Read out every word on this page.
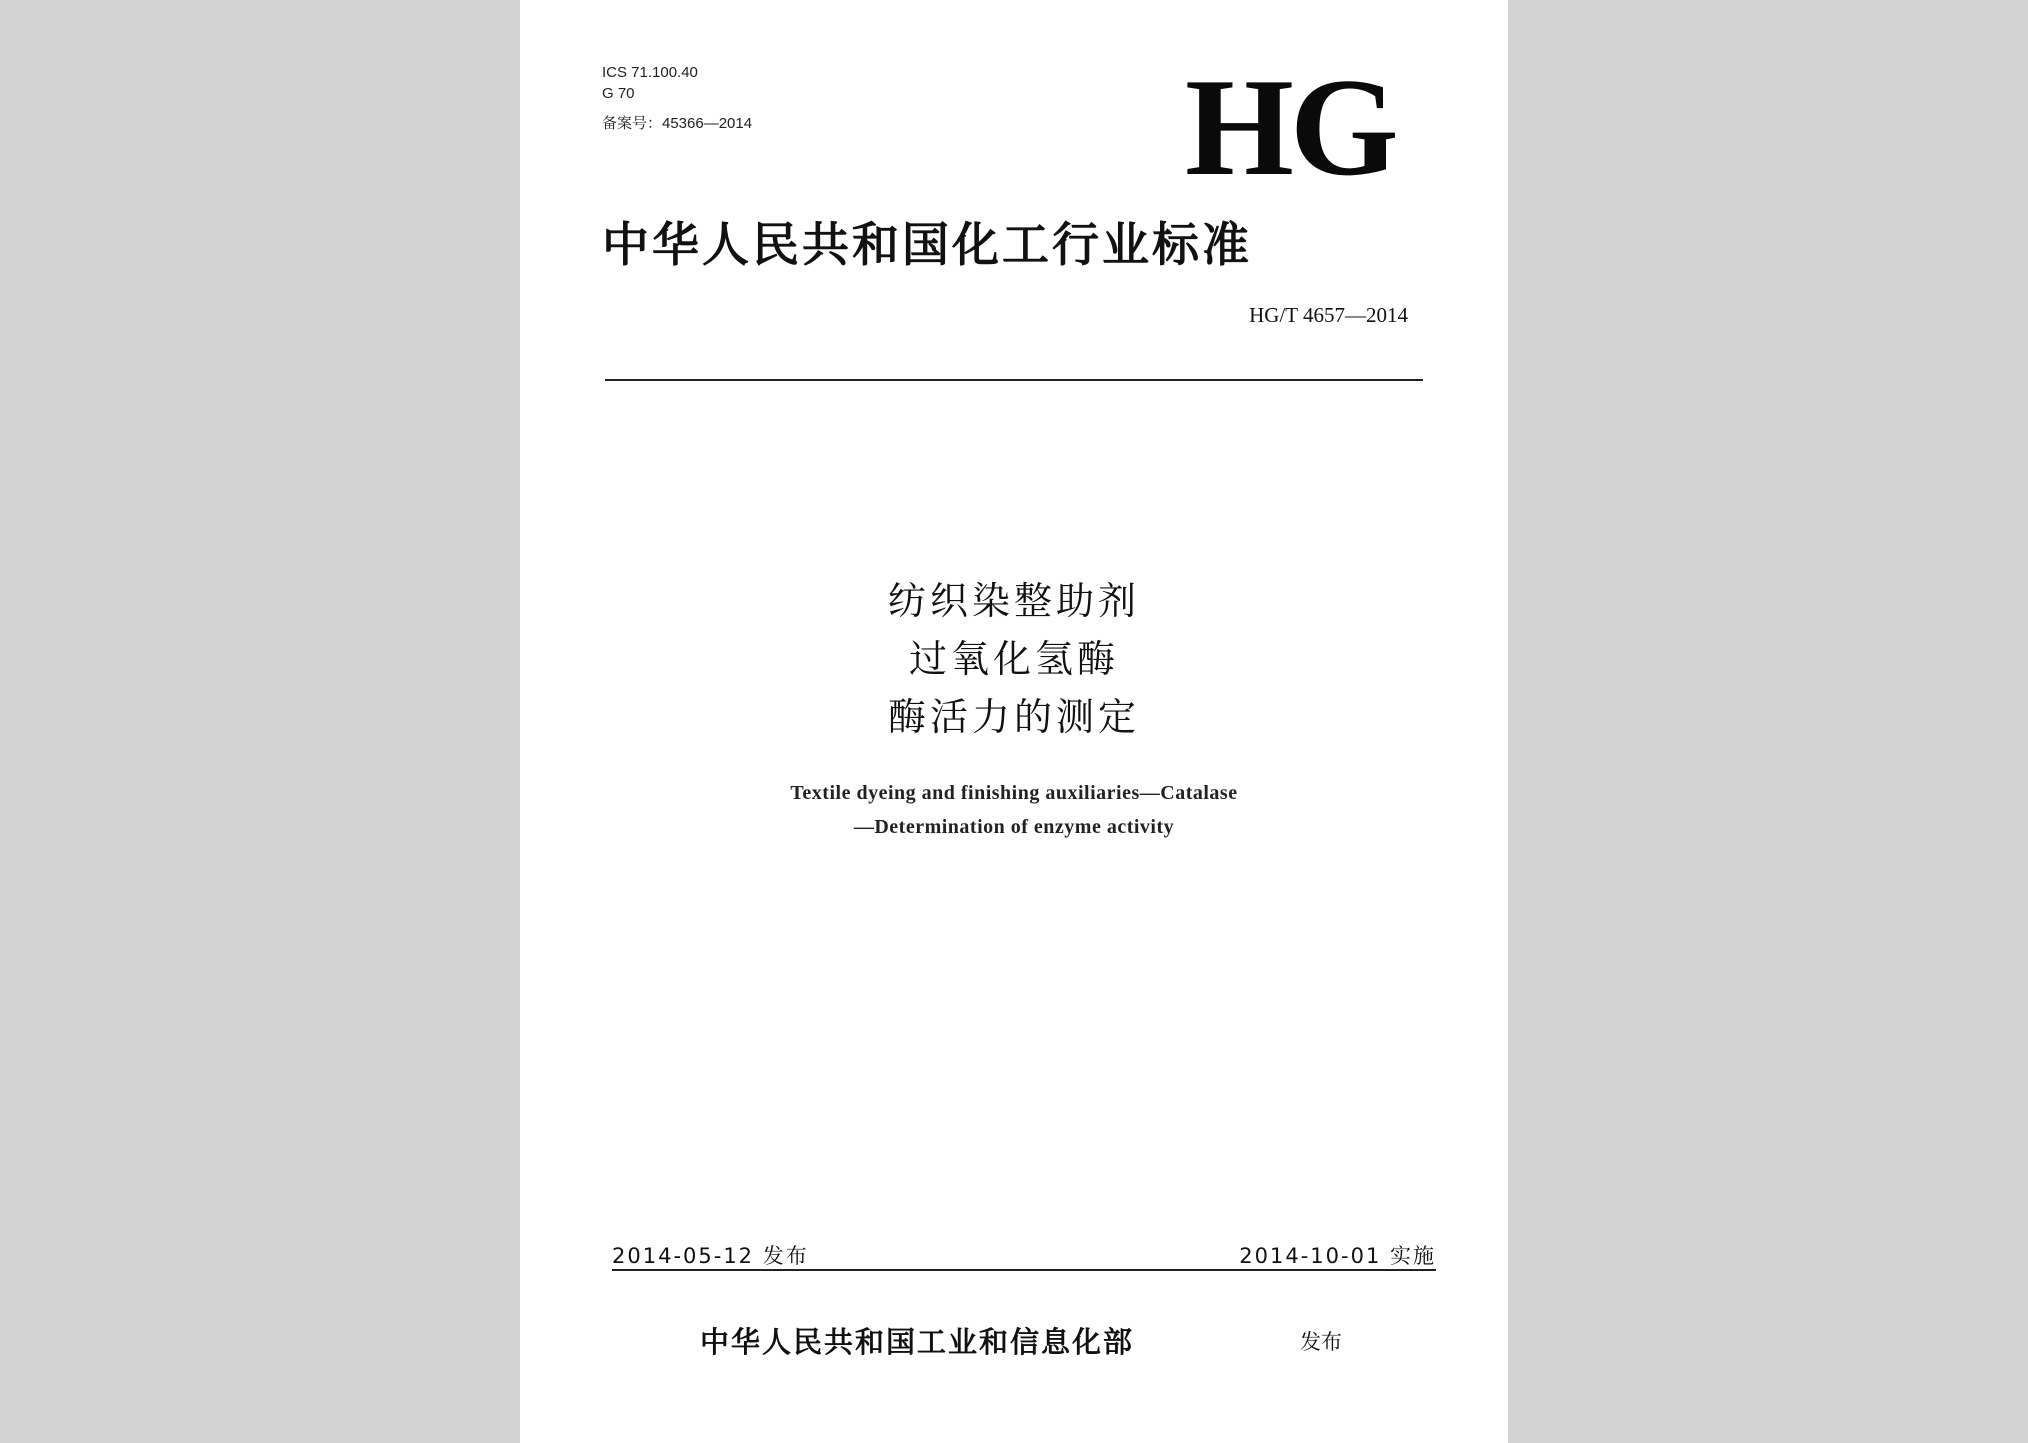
ICS 71.100.40
G 70
备案号：45366—2014	HG
中华人民共和国化工行业标准
HG/T 4657—2014
纺织染整助剂
过氧化氢酶
酶活力的测定
Textile dyeing and finishing auxiliaries—Catalase
—Determination of enzyme activity
2014-05-12 发布	2014-10-01 实施
中华人民共和国工业和信息化部	发布
